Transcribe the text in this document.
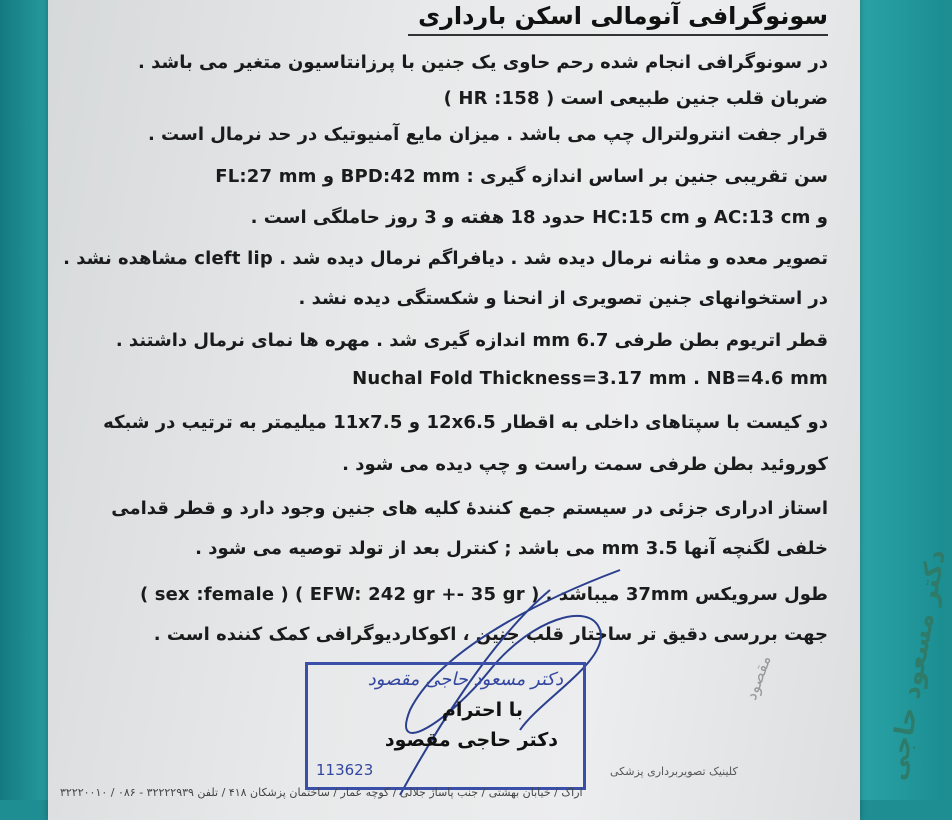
سونوگرافی آنومالی اسکن بارداری
در سونوگرافی انجام شده رحم حاوی یک جنین با پرزانتاسیون متغیر می باشد .
ضربان قلب جنین طبیعی است ( HR :158 )
قرار جفت انترولترال چپ می باشد . میزان مایع آمنیوتیک در حد نرمال است .
سن تقریبی جنین بر اساس اندازه گیری : BPD:42 mm و FL:27 mm
و AC:13 cm و HC:15 cm حدود 18 هفته و 3 روز حاملگی است .
تصویر معده و مثانه نرمال دیده شد . دیافراگم نرمال دیده شد . cleft lip مشاهده نشد .
در استخوانهای جنین تصویری از انحنا و شکستگی دیده نشد .
قطر اتریوم بطن طرفی 6.7 mm اندازه گیری شد . مهره ها نمای نرمال داشتند .
Nuchal Fold Thickness=3.17 mm . NB=4.6 mm
دو کیست با سپتاهای داخلی به اقطار 12x6.5 و 11x7.5 میلیمتر به ترتیب در شبکه
کوروئید بطن طرفی سمت راست و چپ دیده می شود .
استاز ادراری جزئی در سیستم جمع کنندهٔ کلیه های جنین وجود دارد و قطر قدامی
خلفی لگنچه آنها 3.5 mm می باشد ; کنترل بعد از تولد توصیه می شود .
طول سرویکس 37mm میباشد . ( EFW: 242 gr +- 35 gr ) ( sex :female )
جهت بررسی دقیق تر ساختار قلب جنین ، اکوکاردیوگرافی کمک کننده است .
دکتر مسعود حاجی مقصود
با احترام
دکتر حاجی مقصود
113623	دکتر مسعود حاجی
مقصود
کلینیک تصویربرداری پزشکی
اراک / خیابان بهشتی / جنب پاساژ جلالی / کوچه عمار / ساختمان پزشکان ۴۱۸ / تلفن ۳۲۲۲۲۹۳۹ - ۰۸۶ / ۳۲۲۲۰۰۱۰
